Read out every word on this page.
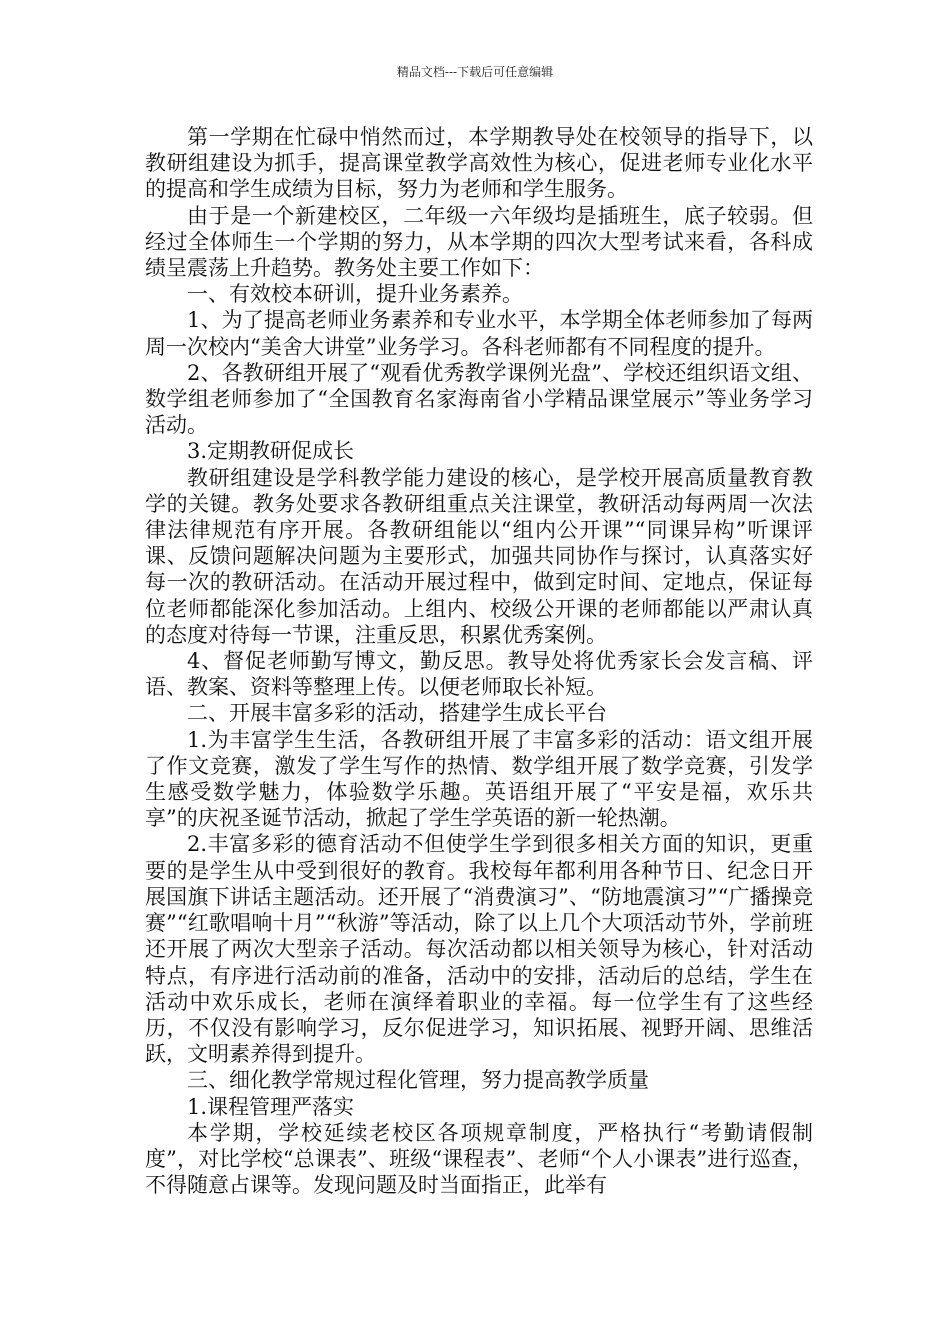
精品文档---下载后可任意编辑

第一学期在忙碌中悄然而过，本学期教导处在校领导的指导下，以教研组建设为抓手，提高课堂教学高效性为核心，促进老师专业化水平的提高和学生成绩为目标，努力为老师和学生服务。

由于是一个新建校区，二年级一六年级均是插班生，底子较弱。但经过全体师生一个学期的努力，从本学期的四次大型考试来看，各科成绩呈震荡上升趋势。教务处主要工作如下：

一、有效校本研训，提升业务素养。

1、为了提高老师业务素养和专业水平，本学期全体老师参加了每两周一次校内“美舍大讲堂”业务学习。各科老师都有不同程度的提升。

2、各教研组开展了“观看优秀教学课例光盘”、学校还组织语文组、数学组老师参加了“全国教育名家海南省小学精品课堂展示”等业务学习活动。

3.定期教研促成长

教研组建设是学科教学能力建设的核心，是学校开展高质量教育教学的关键。教务处要求各教研组重点关注课堂，教研活动每两周一次法律法律规范有序开展。各教研组能以“组内公开课”“同课异构”听课评课、反馈问题解决问题为主要形式，加强共同协作与探讨，认真落实好每一次的教研活动。在活动开展过程中，做到定时间、定地点，保证每位老师都能深化参加活动。上组内、校级公开课的老师都能以严肃认真的态度对待每一节课，注重反思，积累优秀案例。

4、督促老师勤写博文，勤反思。教导处将优秀家长会发言稿、评语、教案、资料等整理上传。以便老师取长补短。

二、开展丰富多彩的活动，搭建学生成长平台

1.为丰富学生生活，各教研组开展了丰富多彩的活动：语文组开展了作文竞赛，激发了学生写作的热情、数学组开展了数学竞赛，引发学生感受数学魅力，体验数学乐趣。英语组开展了“平安是福，欢乐共享”的庆祝圣诞节活动，掀起了学生学英语的新一轮热潮。

2.丰富多彩的德育活动不但使学生学到很多相关方面的知识，更重要的是学生从中受到很好的教育。我校每年都利用各种节日、纪念日开展国旗下讲话主题活动。还开展了“消费演习”、“防地震演习”“广播操竞赛”“红歌唱响十月”“秋游”等活动，除了以上几个大项活动节外，学前班还开展了两次大型亲子活动。每次活动都以相关领导为核心，针对活动特点，有序进行活动前的准备，活动中的安排，活动后的总结，学生在活动中欢乐成长，老师在演绎着职业的幸福。每一位学生有了这些经历，不仅没有影响学习，反尔促进学习，知识拓展、视野开阔、思维活跃，文明素养得到提升。

三、细化教学常规过程化管理，努力提高教学质量

1.课程管理严落实

本学期，学校延续老校区各项规章制度，严格执行“考勤请假制度”，对比学校“总课表”、班级“课程表”、老师“个人小课表”进行巡查，不得随意占课等。发现问题及时当面指正，此举有
